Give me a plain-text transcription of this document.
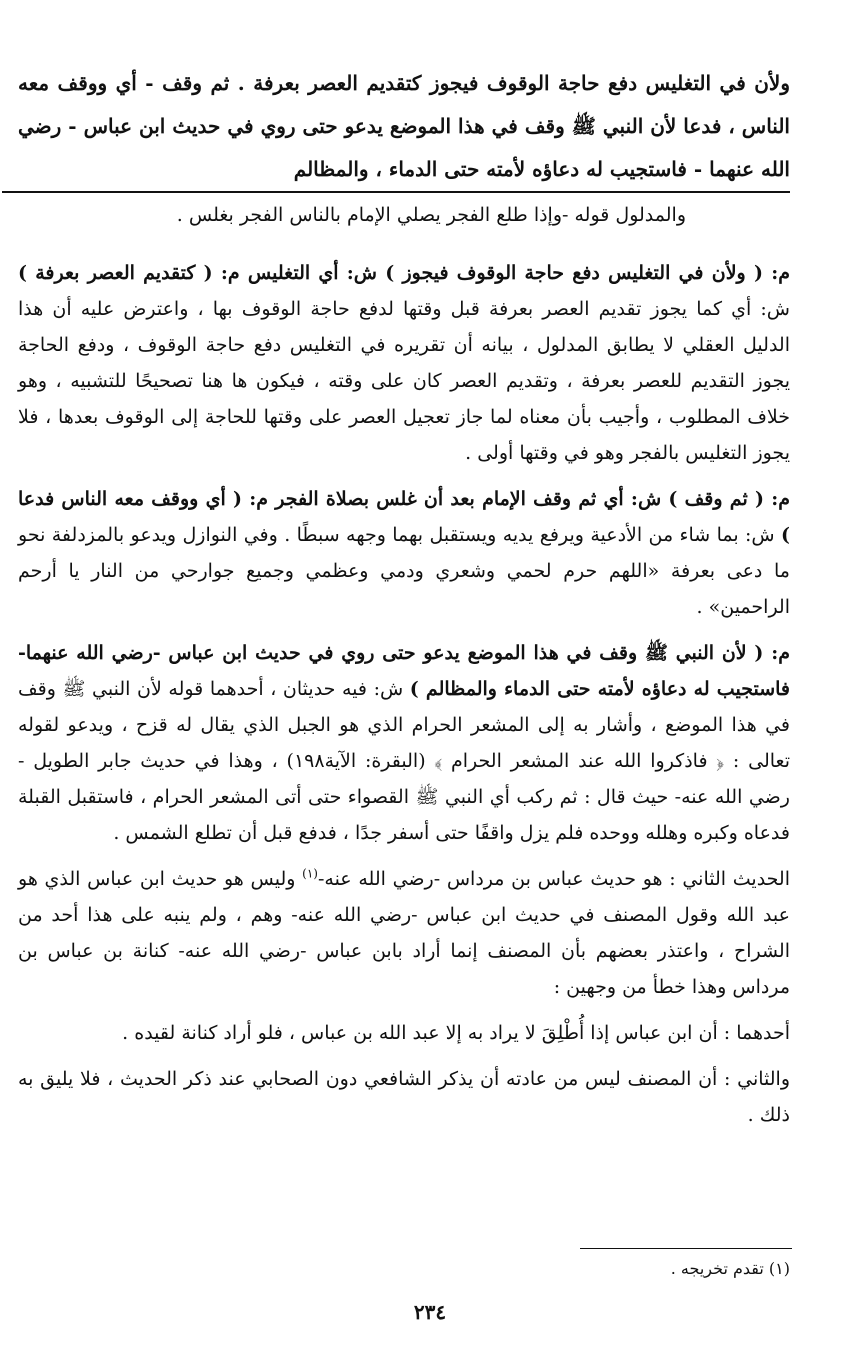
ولأن في التغليس دفع حاجة الوقوف فيجوز كتقديم العصر بعرفة . ثم وقف - أي ووقف معه الناس ، فدعا لأن النبي ﷺ وقف في هذا الموضع يدعو حتى روي في حديث ابن عباس - رضي الله عنهما - فاستجيب له دعاؤه لأمته حتى الدماء ، والمظالم

والمدلول قوله -وإذا طلع الفجر يصلي الإمام بالناس الفجر بغلس .

م: ( ولأن في التغليس دفع حاجة الوقوف فيجوز ) ش: أي التغليس م: ( كتقديم العصر بعرفة ) ش: أي كما يجوز تقديم العصر بعرفة قبل وقتها لدفع حاجة الوقوف بها ، واعترض عليه أن هذا الدليل العقلي لا يطابق المدلول ، بيانه أن تقريره في التغليس دفع حاجة الوقوف ، ودفع الحاجة يجوز التقديم للعصر بعرفة ، وتقديم العصر كان على وقته ، فيكون ها هنا تصحيحًا للتشبيه ، وهو خلاف المطلوب ، وأجيب بأن معناه لما جاز تعجيل العصر على وقتها للحاجة إلى الوقوف بعدها ، فلا يجوز التغليس بالفجر وهو في وقتها أولى .

م: ( ثم وقف ) ش: أي ثم وقف الإمام بعد أن غلس بصلاة الفجر م: ( أي ووقف معه الناس فدعا ) ش: بما شاء من الأدعية ويرفع يديه ويستقبل بهما وجهه سبطًا . وفي النوازل ويدعو بالمزدلفة نحو ما دعى بعرفة «اللهم حرم لحمي وشعري ودمي وعظمي وجميع جوارحي من النار يا أرحم الراحمين» .

م: ( لأن النبي ﷺ وقف في هذا الموضع يدعو حتى روي في حديث ابن عباس -رضي الله عنهما- فاستجيب له دعاؤه لأمته حتى الدماء والمظالم ) ش: فيه حديثان ، أحدهما قوله لأن النبي ﷺ وقف في هذا الموضع ، وأشار به إلى المشعر الحرام الذي هو الجبل الذي يقال له قزح ، ويدعو لقوله تعالى : ﴿ فاذكروا الله عند المشعر الحرام ﴾ (البقرة: الآية١٩٨) ، وهذا في حديث جابر الطويل - رضي الله عنه- حيث قال : ثم ركب أي النبي ﷺ القصواء حتى أتى المشعر الحرام ، فاستقبل القبلة فدعاه وكبره وهلله ووحده فلم يزل واقفًا حتى أسفر جدًا ، فدفع قبل أن تطلع الشمس .

الحديث الثاني : هو حديث عباس بن مرداس -رضي الله عنه-$^{(١)}$ وليس هو حديث ابن عباس الذي هو عبد الله وقول المصنف في حديث ابن عباس -رضي الله عنه- وهم ، ولم ينبه على هذا أحد من الشراح ، واعتذر بعضهم بأن المصنف إنما أراد بابن عباس -رضي الله عنه- كنانة بن عباس بن مرداس وهذا خطأ من وجهين :

أحدهما : أن ابن عباس إذا أُطْلِقَ لا يراد به إلا عبد الله بن عباس ، فلو أراد كنانة لقيده .

والثاني : أن المصنف ليس من عادته أن يذكر الشافعي دون الصحابي عند ذكر الحديث ، فلا يليق به ذلك .

(١) تقدم تخريجه .
٢٣٤
